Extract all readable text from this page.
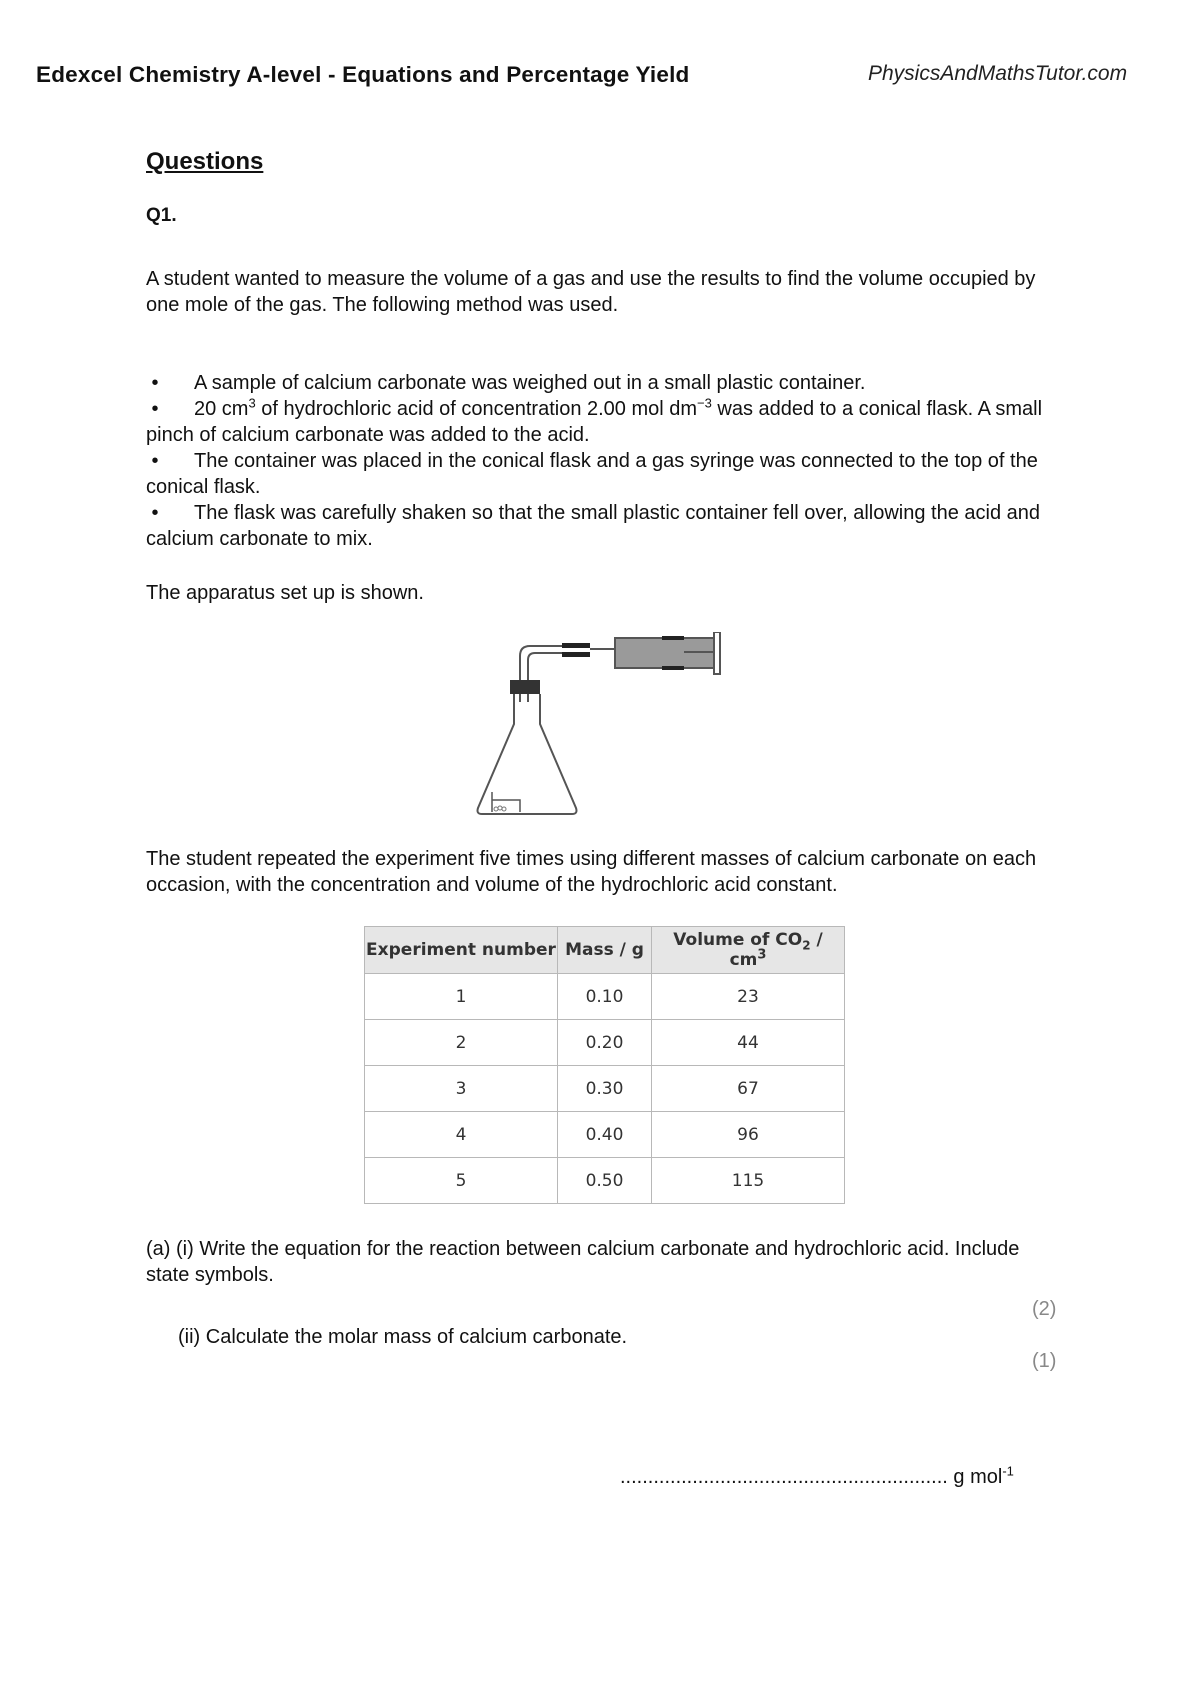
Edexcel Chemistry A-level - Equations and Percentage Yield	PhysicsAndMathsTutor.com
Questions
Q1.
A student wanted to measure the volume of a gas and use the results to find the volume occupied by one mole of the gas. The following method was used.

• A sample of calcium carbonate was weighed out in a small plastic container.

• 20 $cm^3$ of hydrochloric acid of concentration 2.00 mol $dm^{-3}$ was added to a conical flask. A small pinch of calcium carbonate was added to the acid.

• The container was placed in the conical flask and a gas syringe was connected to the top of the conical flask.

• The flask was carefully shaken so that the small plastic container fell over, allowing the acid and calcium carbonate to mix.

The apparatus set up is shown.
The student repeated the experiment five times using different masses of calcium carbonate on each occasion, with the concentration and volume of the hydrochloric acid constant.
Experiment number	Mass / g	Volume of $CO_2 / cm^3$
1	0.10	23
2	0.20	44
3	0.30	67
4	0.40	96
5	0.50	115
(a) (i) Write the equation for the reaction between calcium carbonate and hydrochloric acid. Include state symbols.
(2)
(ii) Calculate the molar mass of calcium carbonate.
(1)
........................................................... g mol$^{-1}$
